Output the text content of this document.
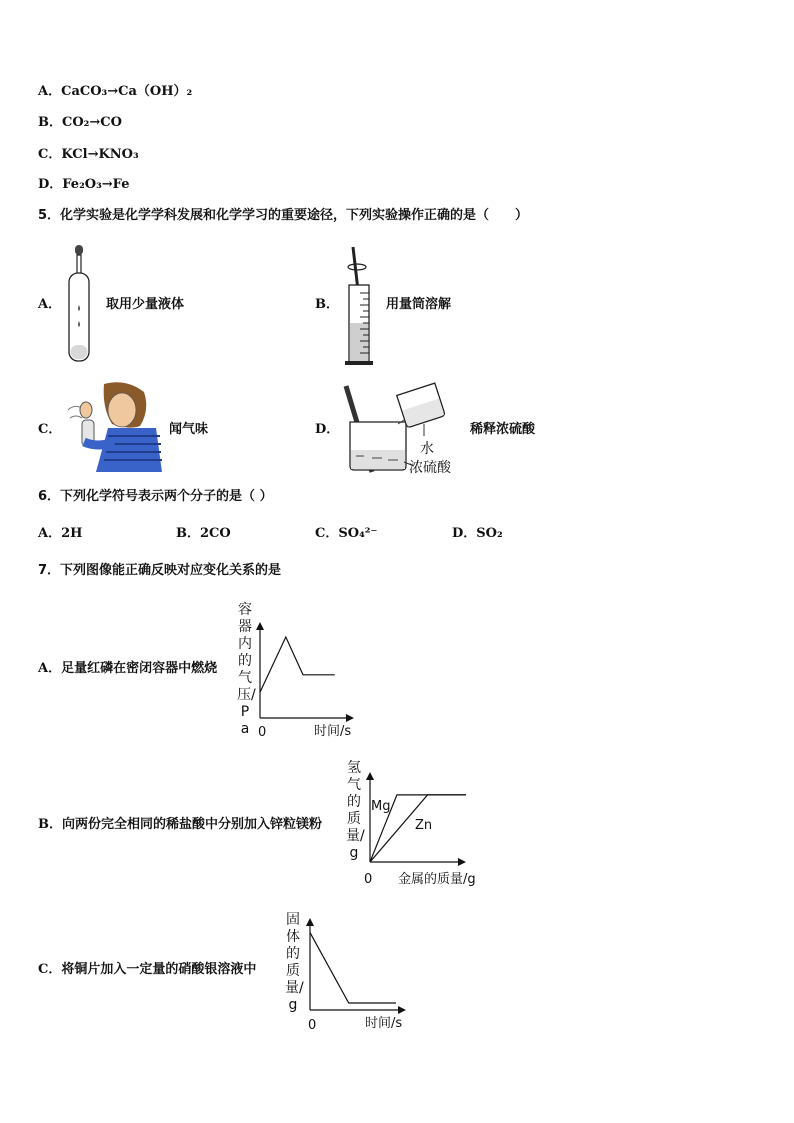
A．CaCO₃→Ca（OH）₂
B．CO₂→CO
C．KCl→KNO₃
D．Fe₂O₃→Fe
5．化学实验是化学学科发展和化学学习的重要途径，下列实验操作正确的是（　　）
A．	取用少量液体	B．	用量筒溶解
C．	闻气味	D．
水
浓硫酸
稀释浓硫酸
6．下列化学符号表示两个分子的是（ ）
A．2H	B．2CO	C．SO₄²⁻	D．SO₂
7．下列图像能正确反映对应变化关系的是
A．足量红磷在密闭容器中燃烧
B．向两份完全相同的稀盐酸中分别加入锌粒镁粉
C．将铜片加入一定量的硝酸银溶液中
容器内的气压/Pa 0	时间/s
氢气的质量/g
Mg
Zn
0 金属的质量/g
固体的质量/g
0	时间/s
